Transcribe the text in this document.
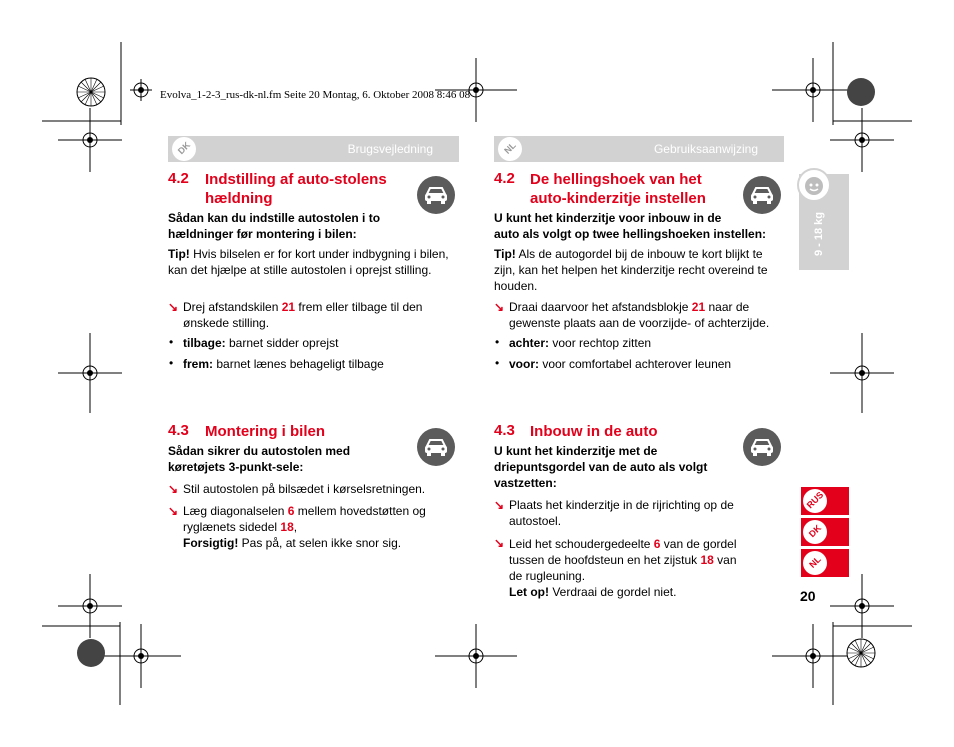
Evolva_1-2-3_rus-dk-nl.fm Seite 20 Montag, 6. Oktober 2008 8:46 08
DK	Brugsvejledning	NL	Gebruiksaanwijzing
4.2 Indstilling af auto-stolens
hældning
Sådan kan du indstille autostolen i to
hældninger før montering i bilen:
Tip! Hvis bilselen er for kort under indbygning i bilen,
kan det hjælpe at stille autostolen i oprejst stilling.
↘ Drej afstandskilen 21 frem eller tilbage til den
ønskede stilling.
• tilbage: barnet sidder oprejst
• frem: barnet lænes behageligt tilbage
4.3 Montering i bilen
Sådan sikrer du autostolen med
køretøjets 3-punkt-sele:
↘ Stil autostolen på bilsædet i kørselsretningen.
↘ Læg diagonalselen 6 mellem hovedstøtten og
ryglænets sidedel 18,
Forsigtig! Pas på, at selen ikke snor sig.
4.2 De hellingshoek van het
auto-kinderzitje instellen
U kunt het kinderzitje voor inbouw in de
auto als volgt op twee hellingshoeken instellen:
Tip! Als de autogordel bij de inbouw te kort blijkt te
zijn, kan het helpen het kinderzitje recht overeind te
houden.
↘ Draai daarvoor het afstandsblokje 21 naar de
gewenste plaats aan de voorzijde- of achterzijde.
• achter: voor rechtop zitten
• voor: voor comfortabel achterover leunen
4.3 Inbouw in de auto
U kunt het kinderzitje met de
driepuntsgordel van de auto als volgt
vastzetten:
↘ Plaats het kinderzitje in de rijrichting op de
autostoel.
↘ Leid het schoudergedeelte 6 van de gordel
tussen de hoofdsteun en het zijstuk 18 van
de rugleuning.
Let op! Verdraai de gordel niet.
9 - 18 kg
RUS
DK
NL
20
